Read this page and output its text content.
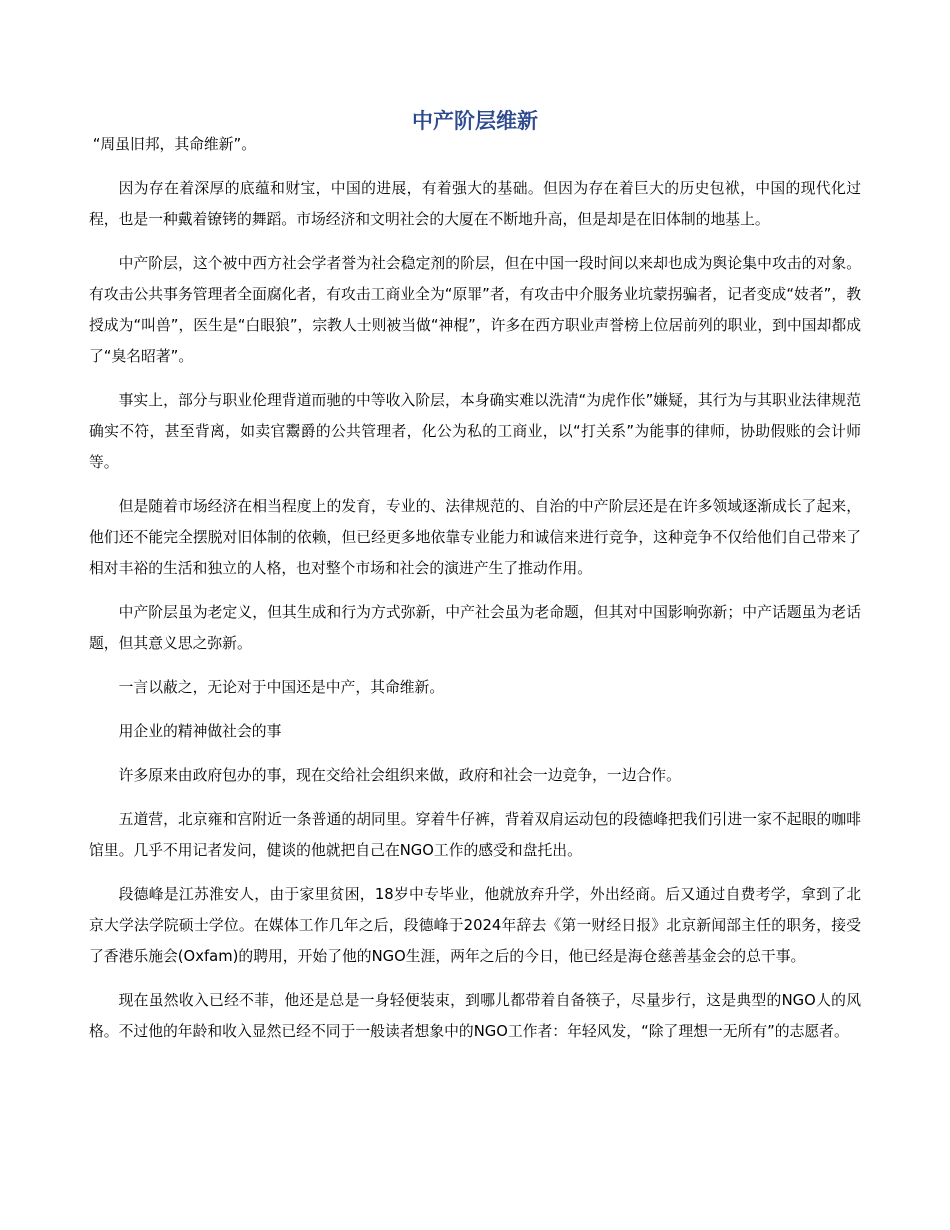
中产阶层维新

“周虽旧邦，其命维新”。

因为存在着深厚的底蕴和财宝，中国的进展，有着强大的基础。但因为存在着巨大的历史包袱，中国的现代化过程，也是一种戴着镣铐的舞蹈。市场经济和文明社会的大厦在不断地升高，但是却是在旧体制的地基上。

中产阶层，这个被中西方社会学者誉为社会稳定剂的阶层，但在中国一段时间以来却也成为舆论集中攻击的对象。有攻击公共事务管理者全面腐化者，有攻击工商业全为“原罪”者，有攻击中介服务业坑蒙拐骗者，记者变成“妓者”，教授成为“叫兽”，医生是“白眼狼”，宗教人士则被当做“神棍”，许多在西方职业声誉榜上位居前列的职业，到中国却都成了“臭名昭著”。

事实上，部分与职业伦理背道而驰的中等收入阶层，本身确实难以洗清“为虎作伥”嫌疑，其行为与其职业法律规范确实不符，甚至背离，如卖官鬻爵的公共管理者，化公为私的工商业，以“打关系”为能事的律师，协助假账的会计师等。

但是随着市场经济在相当程度上的发育，专业的、法律规范的、自治的中产阶层还是在许多领域逐渐成长了起来，他们还不能完全摆脱对旧体制的依赖，但已经更多地依靠专业能力和诚信来进行竞争，这种竞争不仅给他们自己带来了相对丰裕的生活和独立的人格，也对整个市场和社会的演进产生了推动作用。

中产阶层虽为老定义，但其生成和行为方式弥新，中产社会虽为老命题，但其对中国影响弥新；中产话题虽为老话题，但其意义思之弥新。

一言以蔽之，无论对于中国还是中产，其命维新。

用企业的精神做社会的事

许多原来由政府包办的事，现在交给社会组织来做，政府和社会一边竞争，一边合作。

五道营，北京雍和宫附近一条普通的胡同里。穿着牛仔裤，背着双肩运动包的段德峰把我们引进一家不起眼的咖啡馆里。几乎不用记者发问，健谈的他就把自己在NGO工作的感受和盘托出。

段德峰是江苏淮安人，由于家里贫困，18岁中专毕业，他就放弃升学，外出经商。后又通过自费考学，拿到了北京大学法学院硕士学位。在媒体工作几年之后，段德峰于2024年辞去《第一财经日报》北京新闻部主任的职务，接受了香港乐施会(Oxfam)的聘用，开始了他的NGO生涯，两年之后的今日，他已经是海仓慈善基金会的总干事。

现在虽然收入已经不菲，他还是总是一身轻便装束，到哪儿都带着自备筷子，尽量步行，这是典型的NGO人的风格。不过他的年龄和收入显然已经不同于一般读者想象中的NGO工作者：年轻风发，“除了理想一无所有”的志愿者。
